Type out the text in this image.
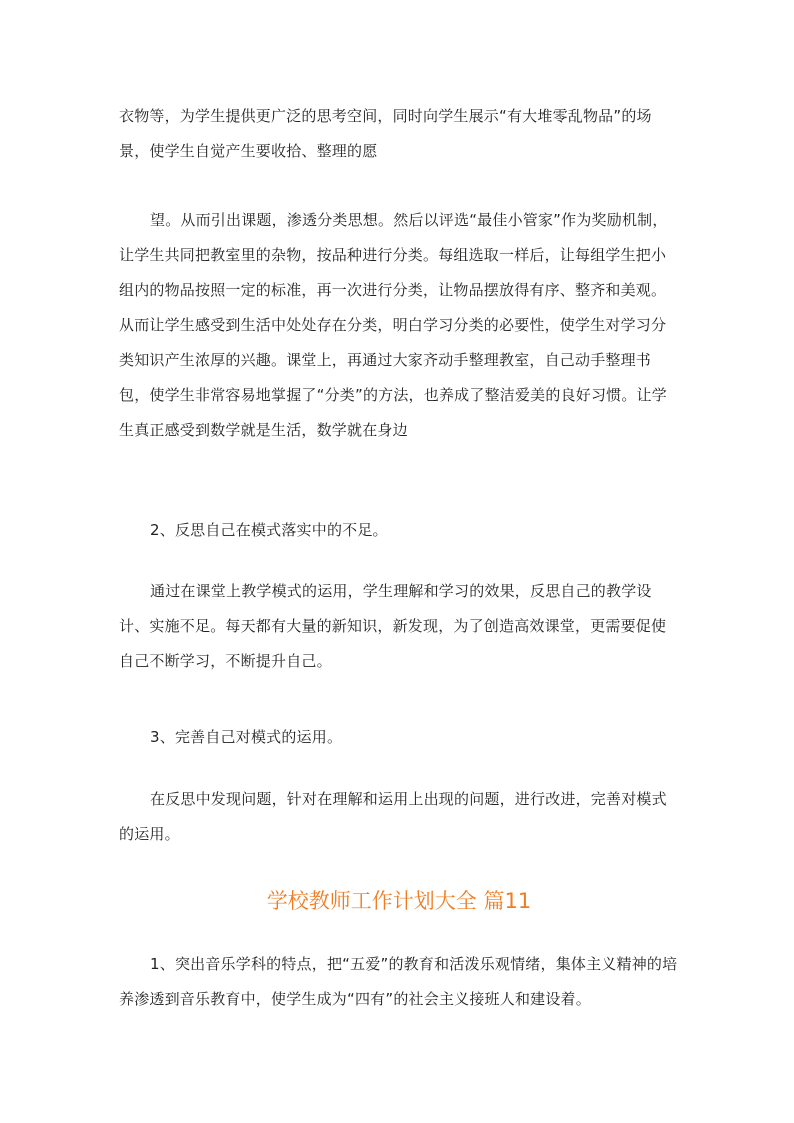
衣物等，为学生提供更广泛的思考空间，同时向学生展示“有大堆零乱物品”的场景，使学生自觉产生要收拾、整理的愿

望。从而引出课题，渗透分类思想。然后以评选“最佳小管家”作为奖励机制，让学生共同把教室里的杂物，按品种进行分类。每组选取一样后，让每组学生把小组内的物品按照一定的标准，再一次进行分类，让物品摆放得有序、整齐和美观。从而让学生感受到生活中处处存在分类，明白学习分类的必要性，使学生对学习分类知识产生浓厚的兴趣。课堂上，再通过大家齐动手整理教室，自己动手整理书包，使学生非常容易地掌握了“分类”的方法，也养成了整洁爱美的良好习惯。让学生真正感受到数学就是生活，数学就在身边

2、反思自己在模式落实中的不足。

通过在课堂上教学模式的运用，学生理解和学习的效果，反思自己的教学设计、实施不足。每天都有大量的新知识，新发现，为了创造高效课堂，更需要促使自己不断学习，不断提升自己。

3、完善自己对模式的运用。

在反思中发现问题，针对在理解和运用上出现的问题，进行改进，完善对模式的运用。

学校教师工作计划大全 篇11

1、突出音乐学科的特点，把“五爱”的教育和活泼乐观情绪，集体主义精神的培养渗透到音乐教育中，使学生成为“四有”的社会主义接班人和建设着。
